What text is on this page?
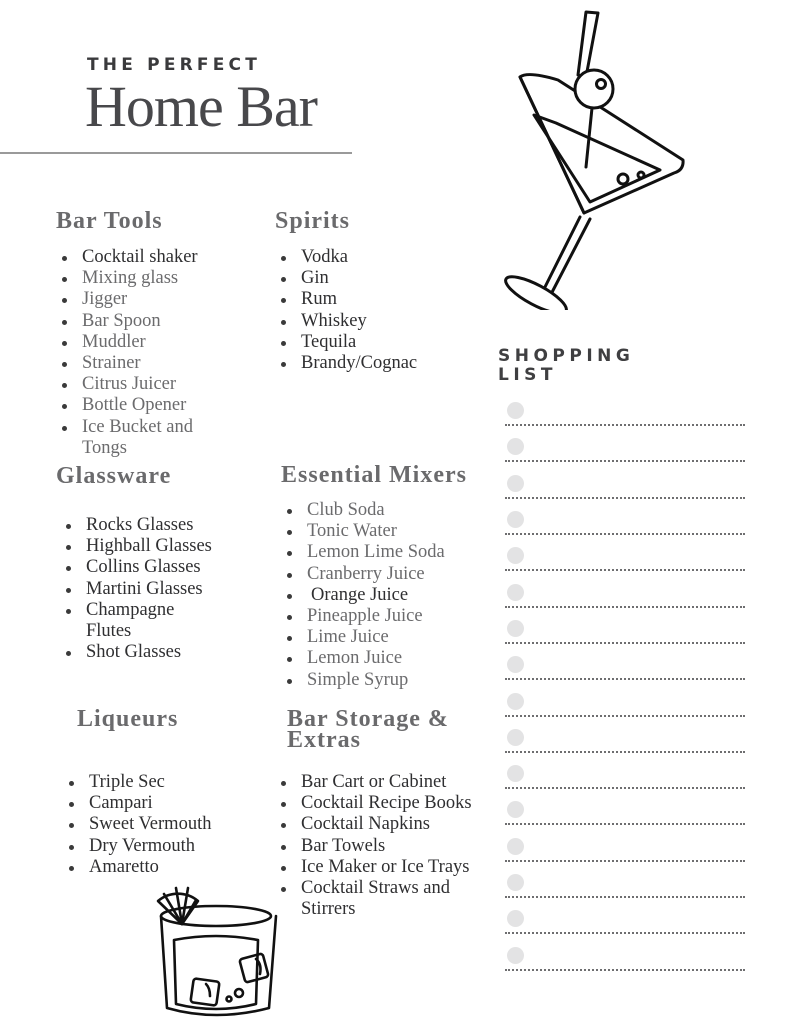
THE PERFECT
Home Bar
Bar Tools
Cocktail shaker
Mixing glass
Jigger
Bar Spoon
Muddler
Strainer
Citrus Juicer
Bottle Opener
Ice Bucket and
Tongs
Spirits
Vodka
Gin
Rum
Whiskey
Tequila
Brandy/Cognac
Glassware
Rocks Glasses
Highball Glasses
Collins Glasses
Martini Glasses
Champagne
Flutes
Shot Glasses
Essential Mixers
Club Soda
Tonic Water
Lemon Lime Soda
Cranberry Juice
Orange Juice
Pineapple Juice
Lime Juice
Lemon Juice
Simple Syrup
Liqueurs
Triple Sec
Campari
Sweet Vermouth
Dry Vermouth
Amaretto
Bar Storage &
Extras
Bar Cart or Cabinet
Cocktail Recipe Books
Cocktail Napkins
Bar Towels
Ice Maker or Ice Trays
Cocktail Straws and
Stirrers
SHOPPING
LIST
